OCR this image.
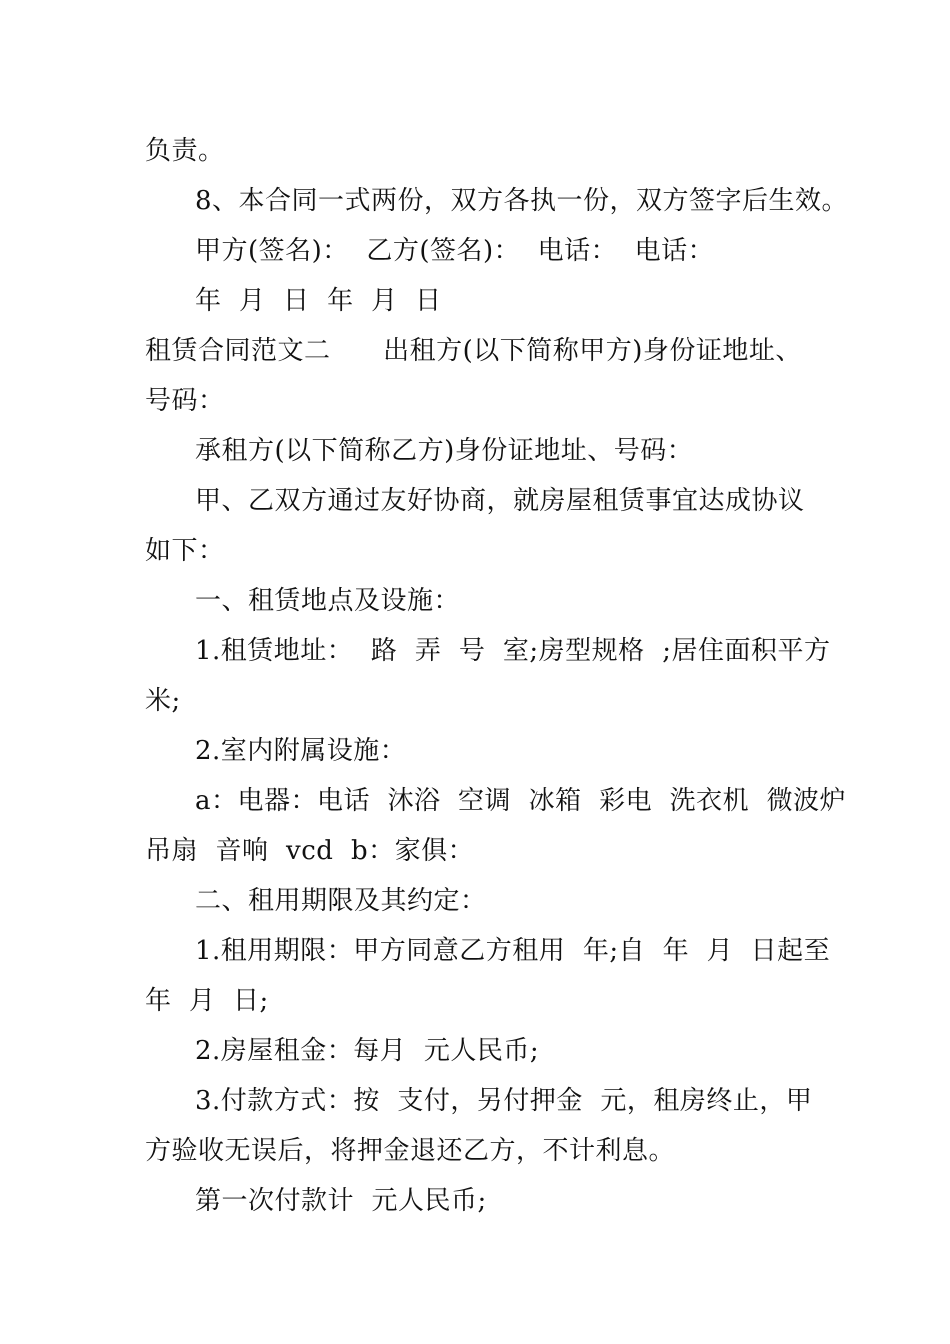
负责。
8、本合同一式两份，双方各执一份，双方签字后生效。
甲方(签名)：  乙方(签名)：  电话：  电话：
年  月  日  年  月  日
租赁合同范文二      出租方(以下简称甲方)身份证地址、
号码：
承租方(以下简称乙方)身份证地址、号码：
甲、乙双方通过友好协商，就房屋租赁事宜达成协议
如下：
一、租赁地点及设施：
1.租赁地址：  路  弄  号  室;房型规格  ;居住面积平方
米;
2.室内附属设施：
a：电器：电话  沐浴  空调  冰箱  彩电  洗衣机  微波炉
吊扇  音响  vcd  b：家俱：
二、租用期限及其约定：
1.租用期限：甲方同意乙方租用  年;自  年  月  日起至
年  月  日;
2.房屋租金：每月  元人民币;
3.付款方式：按  支付，另付押金  元，租房终止，甲
方验收无误后，将押金退还乙方，不计利息。
第一次付款计  元人民币;
